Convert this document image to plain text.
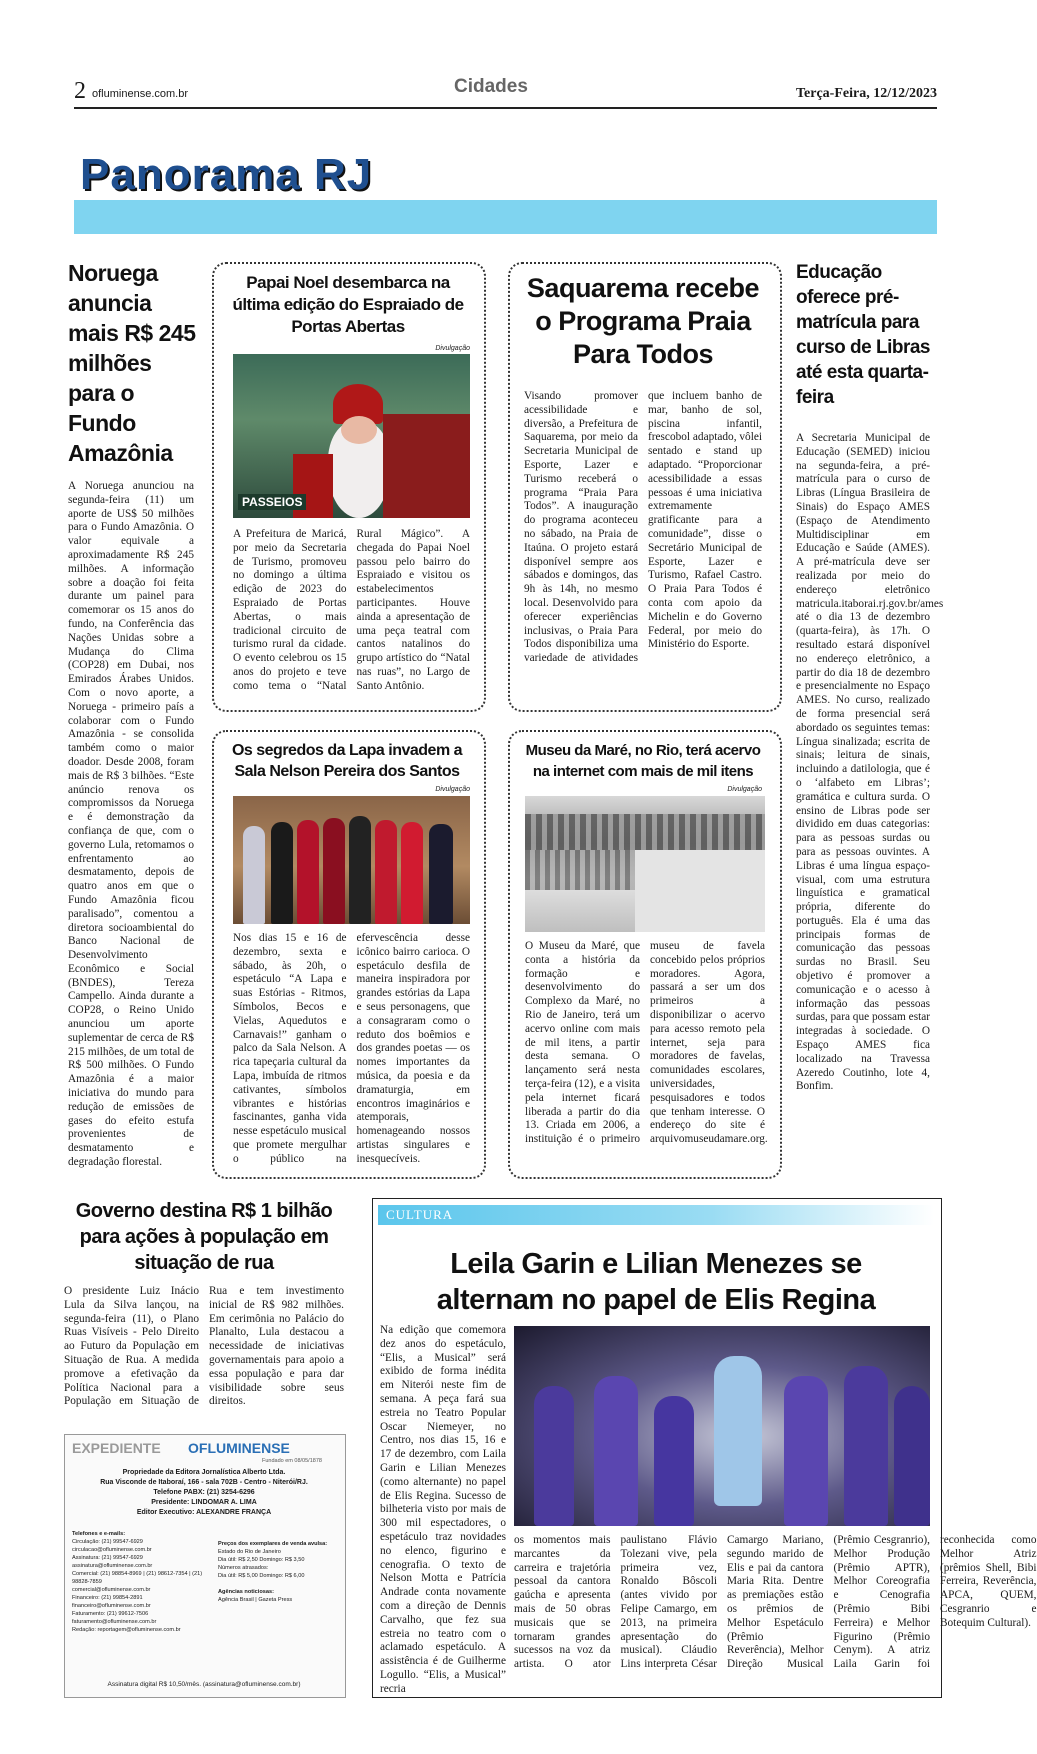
2 ofluminense.com.br	Cidades	Terça-Feira, 12/12/2023
Panorama RJ
Noruega anuncia mais R$ 245 milhões para o Fundo Amazônia
A Noruega anunciou na segunda-feira (11) um aporte de US$ 50 milhões para o Fundo Amazônia. O valor equivale a aproximadamente R$ 245 milhões. A informação sobre a doação foi feita durante um painel para comemorar os 15 anos do fundo, na Conferência das Nações Unidas sobre a Mudança do Clima (COP28) em Dubai, nos Emirados Árabes Unidos. Com o novo aporte, a Noruega - primeiro país a colaborar com o Fundo Amazônia - se consolida também como o maior doador. Desde 2008, foram mais de R$ 3 bilhões. “Este anúncio renova os compromissos da Noruega e é demonstração da confiança de que, com o governo Lula, retomamos o enfrentamento ao desmatamento, depois de quatro anos em que o Fundo Amazônia ficou paralisado”, comentou a diretora socioambiental do Banco Nacional de Desenvolvimento Econômico e Social (BNDES), Tereza Campello. Ainda durante a COP28, o Reino Unido anunciou um aporte suplementar de cerca de R$ 215 milhões, de um total de R$ 500 milhões. O Fundo Amazônia é a maior iniciativa do mundo para redução de emissões de gases do efeito estufa provenientes de desmatamento e degradação florestal.
Papai Noel desembarca na última edição do Espraiado de Portas Abertas
Divulgação
PASSEIOS
A Prefeitura de Maricá, por meio da Secretaria de Turismo, promoveu no domingo a última edição de 2023 do Espraiado de Portas Abertas, o mais tradicional circuito de turismo rural da cidade. O evento celebrou os 15 anos do projeto e teve como tema o “Natal Rural Mágico”. A chegada do Papai Noel passou pelo bairro do Espraiado e visitou os estabelecimentos participantes. Houve ainda a apresentação de uma peça teatral com cantos natalinos do grupo artístico do “Natal nas ruas”, no Largo de Santo Antônio.
Saquarema recebe o Programa Praia Para Todos
Visando promover acessibilidade e diversão, a Prefeitura de Saquarema, por meio da Secretaria Municipal de Esporte, Lazer e Turismo receberá o programa “Praia Para Todos”. A inauguração do programa aconteceu no sábado, na Praia de Itaúna. O projeto estará disponível sempre aos sábados e domingos, das 9h às 14h, no mesmo local. Desenvolvido para oferecer experiências inclusivas, o Praia Para Todos disponibiliza uma variedade de atividades que incluem banho de mar, banho de sol, piscina infantil, frescobol adaptado, vôlei sentado e stand up adaptado. “Proporcionar acessibilidade a essas pessoas é uma iniciativa extremamente gratificante para a comunidade”, disse o Secretário Municipal de Esporte, Lazer e Turismo, Rafael Castro. O Praia Para Todos é conta com apoio da Michelin e do Governo Federal, por meio do Ministério do Esporte.
Educação oferece pré-matrícula para curso de Libras até esta quarta-feira
A Secretaria Municipal de Educação (SEMED) iniciou na segunda-feira, a pré-matrícula para o curso de Libras (Língua Brasileira de Sinais) do Espaço AMES (Espaço de Atendimento Multidisciplinar em Educação e Saúde (AMES). A pré-matrícula deve ser realizada por meio do endereço eletrônico matricula.itaborai.rj.gov.br/ames até o dia 13 de dezembro (quarta-feira), às 17h. O resultado estará disponível no endereço eletrônico, a partir do dia 18 de dezembro e presencialmente no Espaço AMES. No curso, realizado de forma presencial será abordado os seguintes temas: Língua sinalizada; escrita de sinais; leitura de sinais, incluindo a datilologia, que é o ‘alfabeto em Libras’; gramática e cultura surda. O ensino de Libras pode ser dividido em duas categorias: para as pessoas surdas ou para as pessoas ouvintes. A Libras é uma língua espaço-visual, com uma estrutura linguística e gramatical própria, diferente do português. Ela é uma das principais formas de comunicação das pessoas surdas no Brasil. Seu objetivo é promover a comunicação e o acesso à informação das pessoas surdas, para que possam estar integradas à sociedade. O Espaço AMES fica localizado na Travessa Azeredo Coutinho, lote 4, Bonfim.
Os segredos da Lapa invadem a Sala Nelson Pereira dos Santos
Divulgação
Nos dias 15 e 16 de dezembro, sexta e sábado, às 20h, o espetáculo “A Lapa e suas Estórias - Ritmos, Símbolos, Becos e Vielas, Aquedutos e Carnavais!” ganham o palco da Sala Nelson. A rica tapeçaria cultural da Lapa, imbuída de ritmos cativantes, símbolos vibrantes e histórias fascinantes, ganha vida nesse espetáculo musical que promete mergulhar o público na efervescência desse icônico bairro carioca. O espetáculo desfila de maneira inspiradora por grandes estórias da Lapa e seus personagens, que a consagraram como o reduto dos boêmios e dos grandes poetas — os nomes importantes da música, da poesia e da dramaturgia, em encontros imaginários e atemporais, homenageando nossos artistas singulares e inesquecíveis.
Museu da Maré, no Rio, terá acervo na internet com mais de mil itens
Divulgação
O Museu da Maré, que conta a história da formação e desenvolvimento do Complexo da Maré, no Rio de Janeiro, terá um acervo online com mais de mil itens, a partir desta semana. O lançamento será nesta terça-feira (12), e a visita pela internet ficará liberada a partir do dia 13. Criada em 2006, a instituição é o primeiro museu de favela concebido pelos próprios moradores. Agora, passará a ser um dos primeiros a disponibilizar o acervo para acesso remoto pela internet, seja para moradores de favelas, comunidades escolares, universidades, pesquisadores e todos que tenham interesse. O endereço do site é arquivomuseudamare.org.
Governo destina R$ 1 bilhão para ações à população em situação de rua
O presidente Luiz Inácio Lula da Silva lançou, na segunda-feira (11), o Plano Ruas Visíveis - Pelo Direito ao Futuro da População em Situação de Rua. A medida promove a efetivação da Política Nacional para a População em Situação de Rua e tem investimento inicial de R$ 982 milhões. Em cerimônia no Palácio do Planalto, Lula destacou a necessidade de iniciativas governamentais para apoio a essa população e para dar visibilidade sobre seus direitos.
EXPEDIENTE OFLUMINENSE
Fundado em 08/05/1878
Propriedade da Editora Jornalística Alberto Ltda.
Rua Visconde de Itaboraí, 166 - sala 702B - Centro - Niterói/RJ.
Telefone PABX: (21) 3254-6296
Presidente: LINDOMAR A. LIMA
Editor Executivo: ALEXANDRE FRANÇA
Telefones e e-mails:
Circulação: (21) 99547-6929
circulacao@ofluminense.com.br
Assinatura: (21) 99547-6929
assinatura@ofluminense.com.br
Comercial: (21) 98854-8969 | (21) 98612-7354 | (21) 98828-7859
comercial@ofluminense.com.br
Financeiro: (21) 99854-2891
financeiro@ofluminense.com.br
Faturamento: (21) 99612-7506
faturamento@ofluminense.com.br
Redação: reportagem@ofluminense.com.br
Preços dos exemplares de venda avulsa:
Estado do Rio de Janeiro
Dia útil: R$ 2,50 Domingo: R$ 3,50
Números atrasados:
Dia útil: R$ 5,00 Domingo: R$ 6,00
Agências noticiosas:
Agência Brasil | Gazeta Press
Assinatura digital R$ 10,50/mês. (assinatura@ofluminense.com.br)
CULTURA
Leila Garin e Lilian Menezes se alternam no papel de Elis Regina
Na edição que comemora dez anos do espetáculo, “Elis, a Musical” será exibido de forma inédita em Niterói neste fim de semana. A peça fará sua estreia no Teatro Popular Oscar Niemeyer, no Centro, nos dias 15, 16 e 17 de dezembro, com Laila Garin e Lilian Menezes (como alternante) no papel de Elis Regina. Sucesso de bilheteria visto por mais de 300 mil espectadores, o espetáculo traz novidades no elenco, figurino e cenografia. O texto de Nelson Motta e Patrícia Andrade conta novamente com a direção de Dennis Carvalho, que fez sua estreia no teatro com o aclamado espetáculo. A assistência é de Guilherme Logullo. “Elis, a Musical” recria
os momentos mais marcantes da carreira e trajetória pessoal da cantora gaúcha e apresenta mais de 50 obras musicais que se tornaram grandes sucessos na voz da artista. O ator paulistano Flávio Tolezani vive, pela primeira vez, Ronaldo Bôscoli (antes vivido por Felipe Camargo, em 2013, na primeira apresentação do musical). Cláudio Lins interpreta César Camargo Mariano, segundo marido de Elis e pai da cantora Maria Rita. Dentre as premiações estão os prêmios de Melhor Espetáculo (Prêmio Reverência), Melhor Direção Musical (Prêmio Cesgranrio), Melhor Produção (Prêmio APTR), Melhor Coreografia e Cenografia (Prêmio Bibi Ferreira) e Melhor Figurino (Prêmio Cenym). A atriz Laila Garin foi reconhecida como Melhor Atriz (prêmios Shell, Bibi Ferreira, Reverência, APCA, QUEM, Cesgranrio e Botequim Cultural).
